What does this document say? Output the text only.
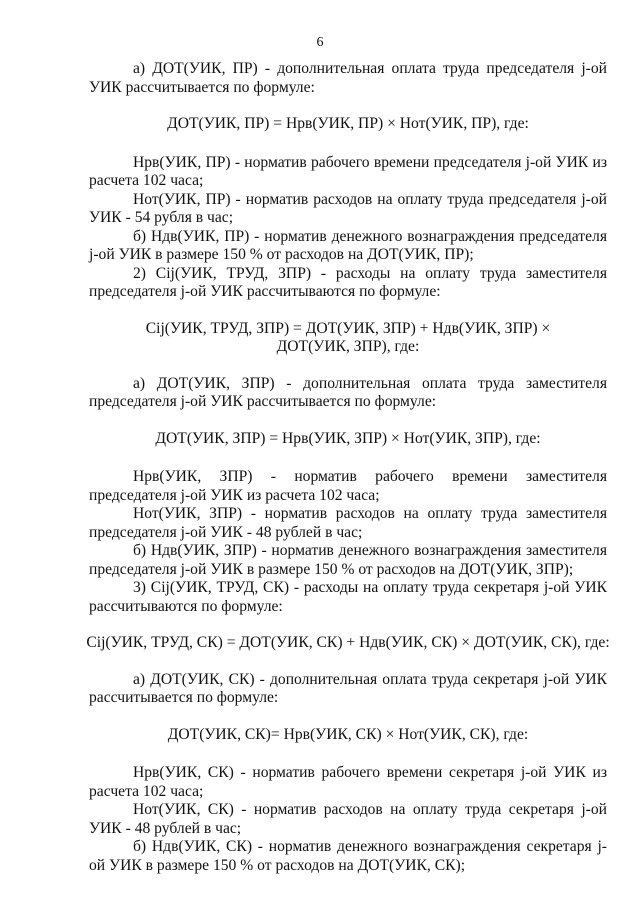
6

а) ДОТ(УИК, ПР) - дополнительная оплата труда председателя j-ой УИК рассчитывается по формуле:

ДОТ(УИК, ПР) = Нрв(УИК, ПР) × Нот(УИК, ПР), где:

Нрв(УИК, ПР) - норматив рабочего времени председателя j-ой УИК из расчета 102 часа;

Нот(УИК, ПР) - норматив расходов на оплату труда председателя j-ой УИК - 54 рубля в час;

б) Ндв(УИК, ПР) - норматив денежного вознаграждения председателя j-ой УИК в размере 150 % от расходов на ДОТ(УИК, ПР);

2) Cij(УИК, ТРУД, ЗПР) - расходы на оплату труда заместителя председателя j-ой УИК рассчитываются по формуле:

Cij(УИК, ТРУД, ЗПР) = ДОТ(УИК, ЗПР) + Ндв(УИК, ЗПР) ×

ДОТ(УИК, ЗПР), где:

а) ДОТ(УИК, ЗПР) - дополнительная оплата труда заместителя председателя j-ой УИК рассчитывается по формуле:

ДОТ(УИК, ЗПР) = Нрв(УИК, ЗПР) × Нот(УИК, ЗПР), где:

Нрв(УИК, ЗПР) - норматив рабочего времени заместителя председателя j-ой УИК из расчета 102 часа;

Нот(УИК, ЗПР) - норматив расходов на оплату труда заместителя председателя j-ой УИК - 48 рублей в час;

б) Ндв(УИК, ЗПР) - норматив денежного вознаграждения заместителя председателя j-ой УИК в размере 150 % от расходов на ДОТ(УИК, ЗПР);

3) Cij(УИК, ТРУД, СК) - расходы на оплату труда секретаря j-ой УИК рассчитываются по формуле:

Cij(УИК, ТРУД, СК) = ДОТ(УИК, СК) + Ндв(УИК, СК) × ДОТ(УИК, СК), где:

а) ДОТ(УИК, СК) - дополнительная оплата труда секретаря j-ой УИК рассчитывается по формуле:

ДОТ(УИК, СК)= Нрв(УИК, СК) × Нот(УИК, СК), где:

Нрв(УИК, СК) - норматив рабочего времени секретаря j-ой УИК из расчета 102 часа;

Нот(УИК, СК) - норматив расходов на оплату труда секретаря j-ой УИК - 48 рублей в час;

б) Ндв(УИК, СК) - норматив денежного вознаграждения секретаря j-ой УИК в размере 150 % от расходов на ДОТ(УИК, СК);
